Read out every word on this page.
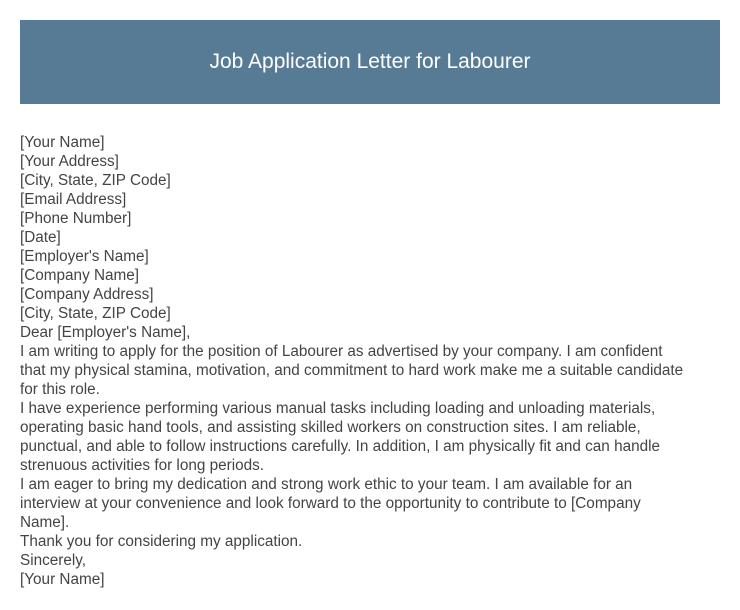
Job Application Letter for Labourer
[Your Name]
[Your Address]
[City, State, ZIP Code]
[Email Address]
[Phone Number]
[Date]
[Employer's Name]
[Company Name]
[Company Address]
[City, State, ZIP Code]
Dear [Employer's Name],
I am writing to apply for the position of Labourer as advertised by your company. I am confident
that my physical stamina, motivation, and commitment to hard work make me a suitable candidate
for this role.
I have experience performing various manual tasks including loading and unloading materials,
operating basic hand tools, and assisting skilled workers on construction sites. I am reliable,
punctual, and able to follow instructions carefully. In addition, I am physically fit and can handle
strenuous activities for long periods.
I am eager to bring my dedication and strong work ethic to your team. I am available for an
interview at your convenience and look forward to the opportunity to contribute to [Company
Name].
Thank you for considering my application.
Sincerely,
[Your Name]
